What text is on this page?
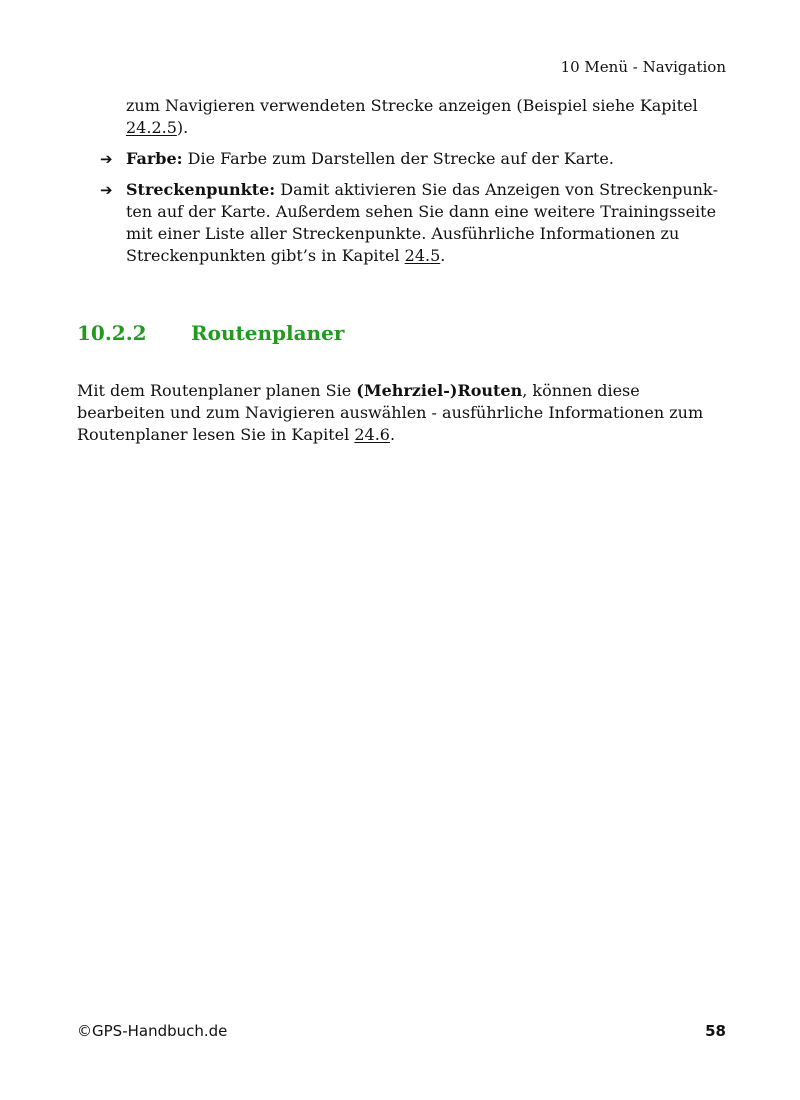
10 Menü - Navigation

zum Navigieren verwendeten Strecke anzeigen (Beispiel siehe Kapitel 24.2.5).

➔ Farbe: Die Farbe zum Darstellen der Strecke auf der Karte.

➔ Streckenpunkte: Damit aktivieren Sie das Anzeigen von Streckenpunkten auf der Karte. Außerdem sehen Sie dann eine weitere Trainingsseite mit einer Liste aller Streckenpunkte. Ausführliche Informationen zu Streckenpunkten gibt’s in Kapitel 24.5.

10.2.2 Routenplaner

Mit dem Routenplaner planen Sie (Mehrziel-)Routen, können diese bearbeiten und zum Navigieren auswählen - ausführliche Informationen zum Routenplaner lesen Sie in Kapitel 24.6.

©GPS-Handbuch.de	58
